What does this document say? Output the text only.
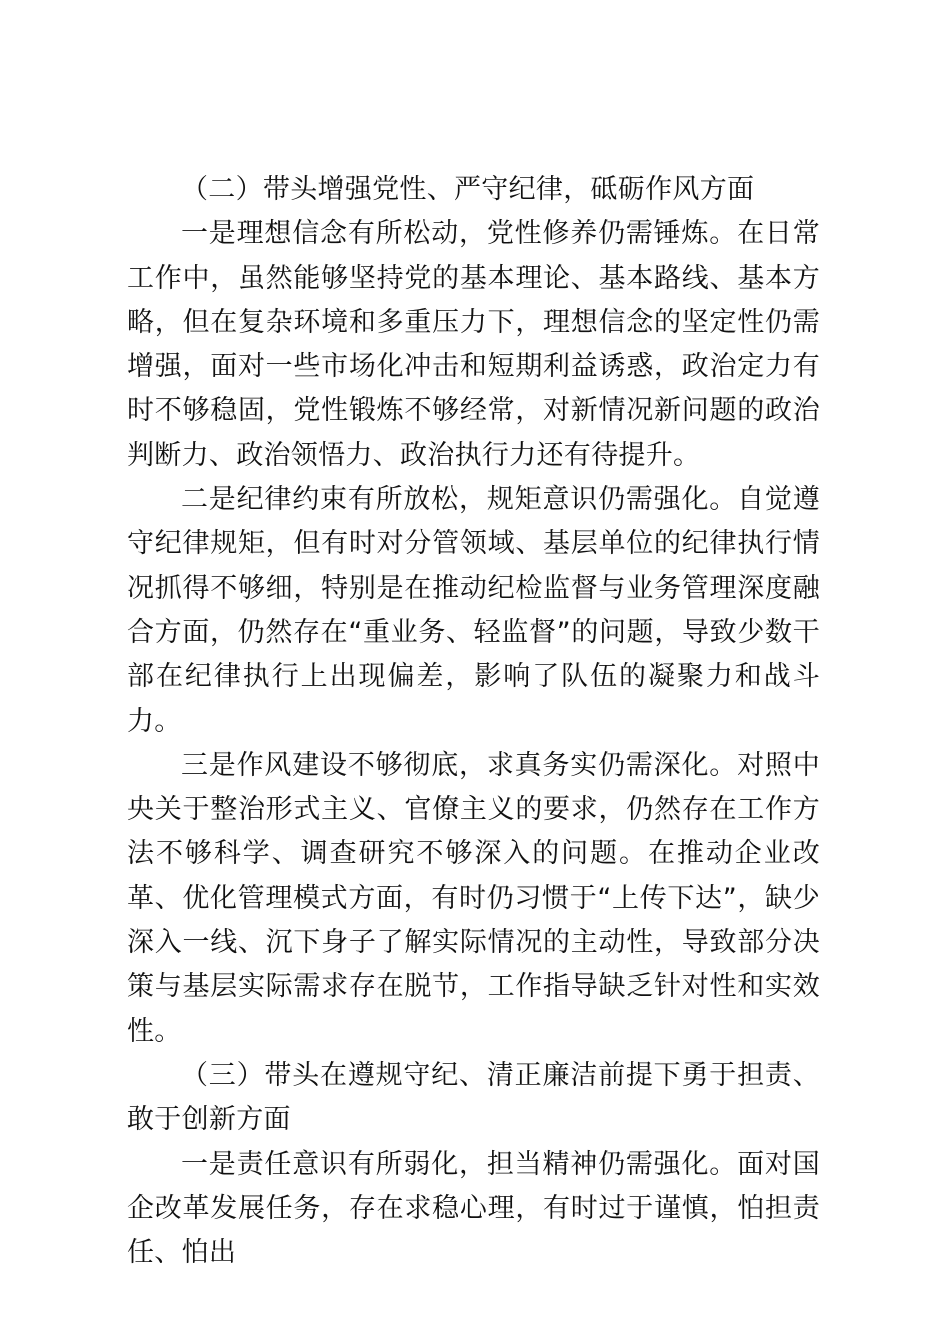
（二）带头增强党性、严守纪律，砥砺作风方面

一是理想信念有所松动，党性修养仍需锤炼。在日常工作中，虽然能够坚持党的基本理论、基本路线、基本方略，但在复杂环境和多重压力下，理想信念的坚定性仍需增强，面对一些市场化冲击和短期利益诱惑，政治定力有时不够稳固，党性锻炼不够经常，对新情况新问题的政治判断力、政治领悟力、政治执行力还有待提升。

二是纪律约束有所放松，规矩意识仍需强化。自觉遵守纪律规矩，但有时对分管领域、基层单位的纪律执行情况抓得不够细，特别是在推动纪检监督与业务管理深度融合方面，仍然存在“重业务、轻监督”的问题，导致少数干部在纪律执行上出现偏差，影响了队伍的凝聚力和战斗力。

三是作风建设不够彻底，求真务实仍需深化。对照中央关于整治形式主义、官僚主义的要求，仍然存在工作方法不够科学、调查研究不够深入的问题。在推动企业改革、优化管理模式方面，有时仍习惯于“上传下达”，缺少深入一线、沉下身子了解实际情况的主动性，导致部分决策与基层实际需求存在脱节，工作指导缺乏针对性和实效性。

（三）带头在遵规守纪、清正廉洁前提下勇于担责、敢于创新方面

一是责任意识有所弱化，担当精神仍需强化。面对国企改革发展任务，存在求稳心理，有时过于谨慎，怕担责任、怕出
